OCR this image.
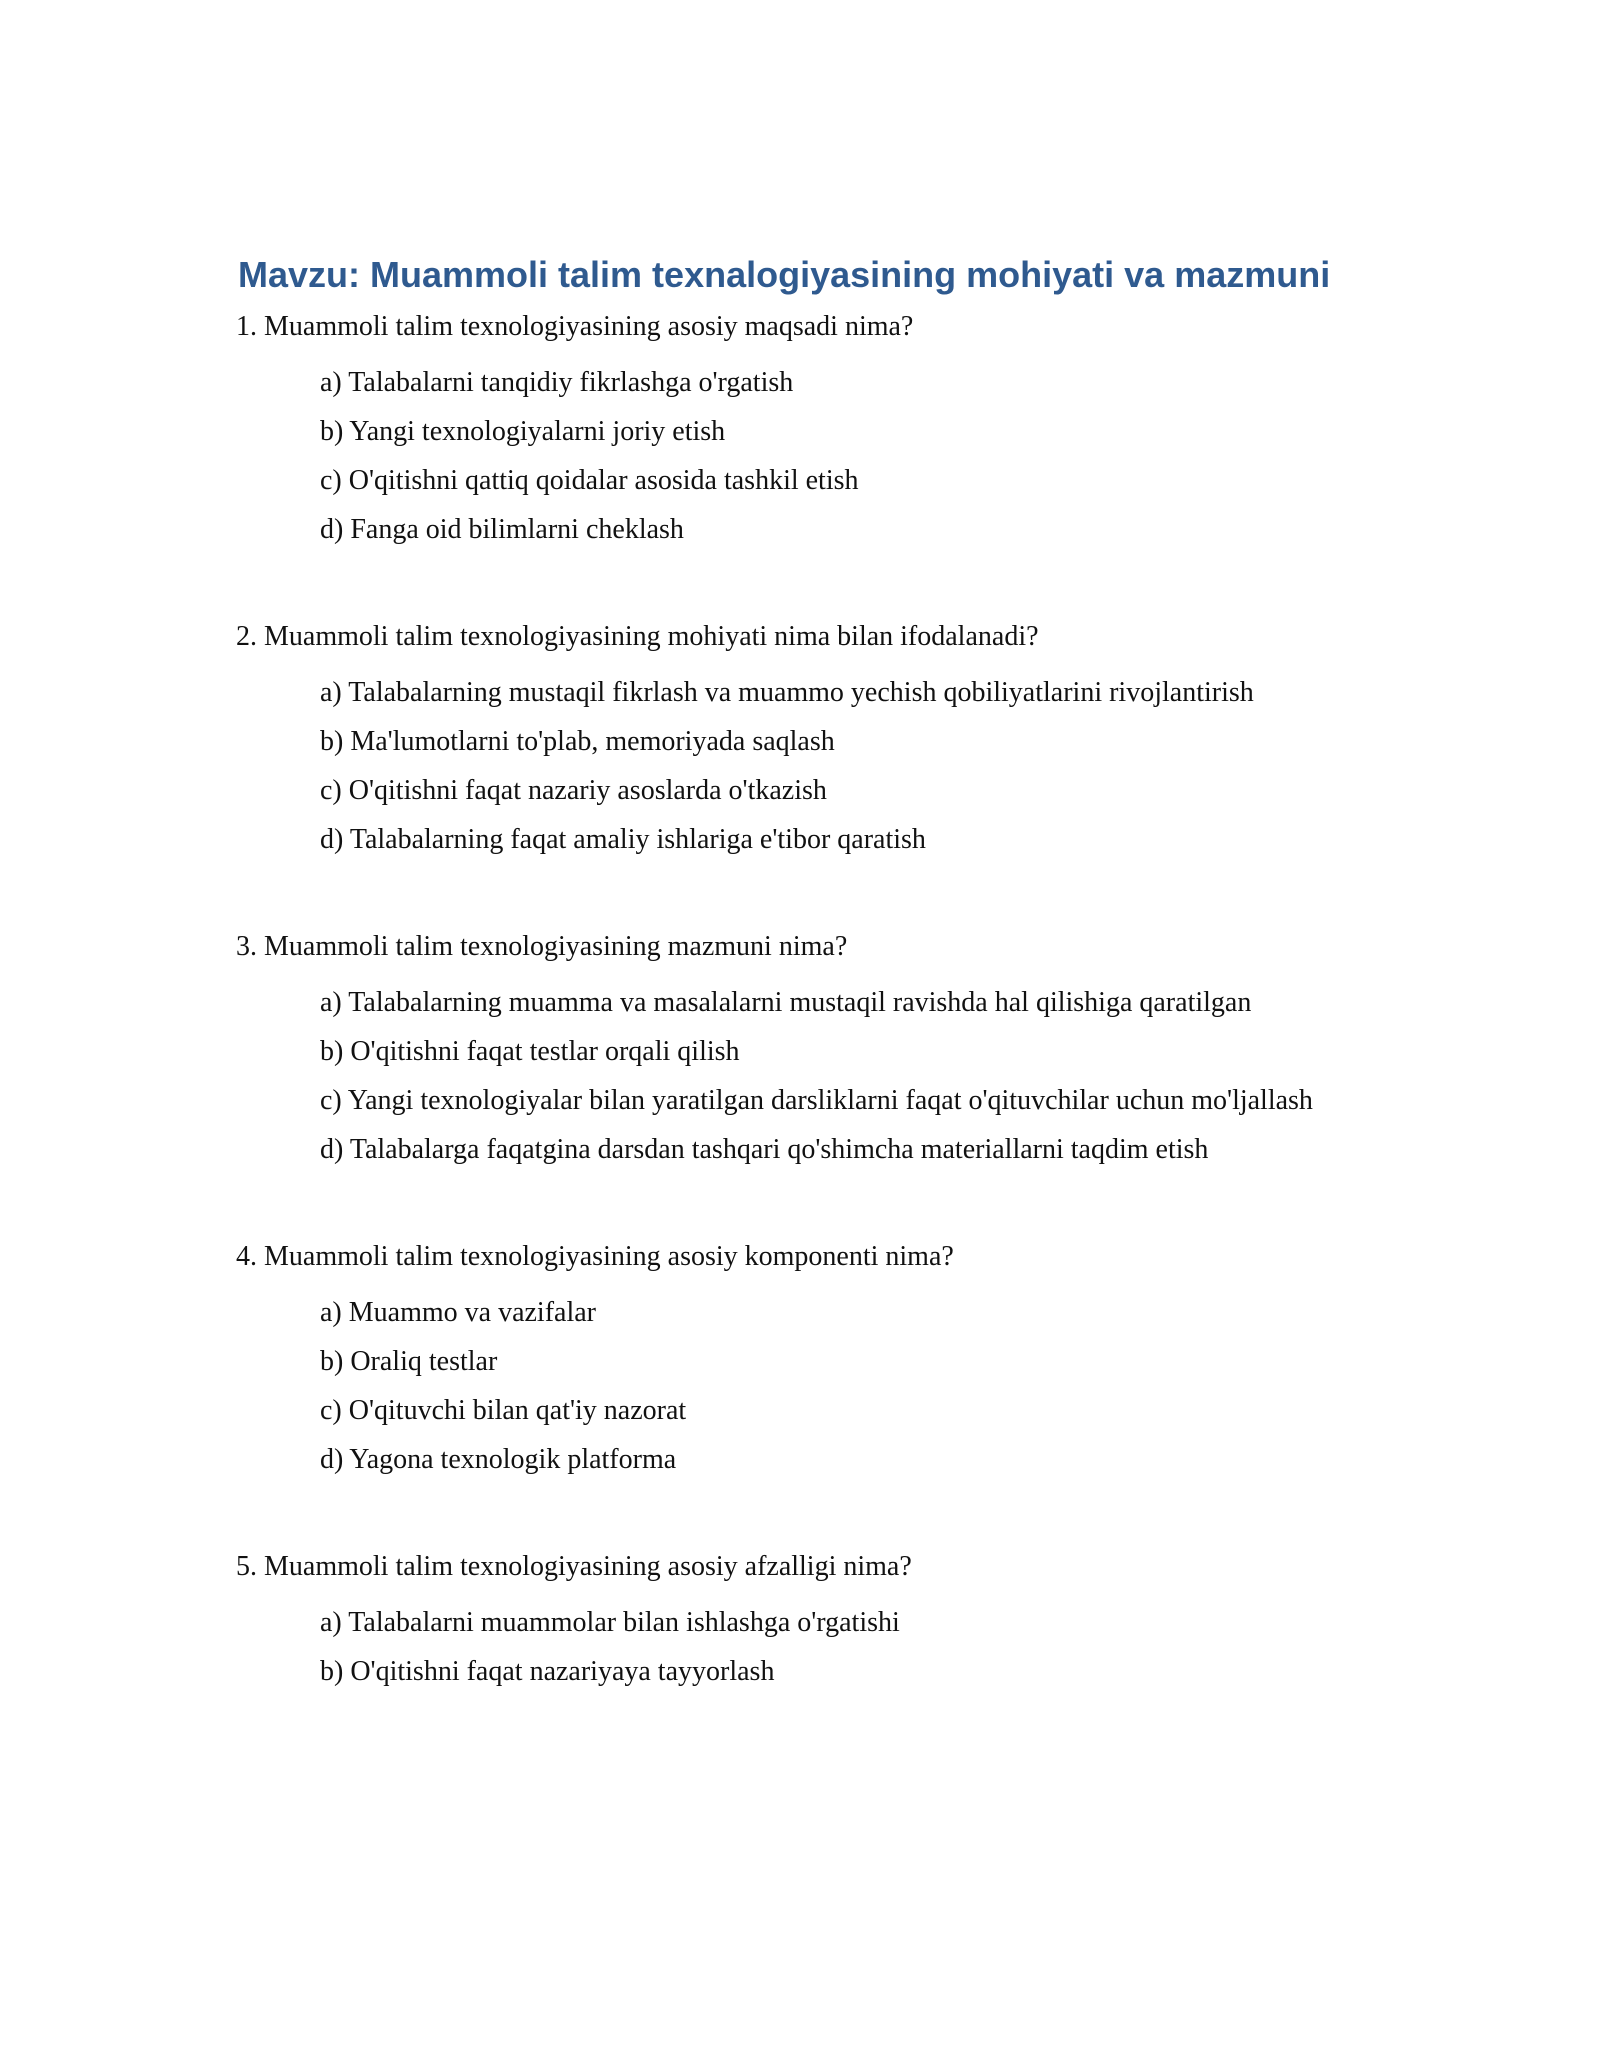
Mavzu: Muammoli talim texnalogiyasining mohiyati va mazmuni
1. Muammoli talim texnologiyasining asosiy maqsadi nima?
a) Talabalarni tanqidiy fikrlashga o'rgatish
b) Yangi texnologiyalarni joriy etish
c) O'qitishni qattiq qoidalar asosida tashkil etish
d) Fanga oid bilimlarni cheklash
2. Muammoli talim texnologiyasining mohiyati nima bilan ifodalanadi?
a) Talabalarning mustaqil fikrlash va muammo yechish qobiliyatlarini rivojlantirish
b) Ma'lumotlarni to'plab, memoriyada saqlash
c) O'qitishni faqat nazariy asoslarda o'tkazish
d) Talabalarning faqat amaliy ishlariga e'tibor qaratish
3. Muammoli talim texnologiyasining mazmuni nima?
a) Talabalarning muamma va masalalarni mustaqil ravishda hal qilishiga qaratilgan
b) O'qitishni faqat testlar orqali qilish
c) Yangi texnologiyalar bilan yaratilgan darsliklarni faqat o'qituvchilar uchun mo'ljallash
d) Talabalarga faqatgina darsdan tashqari qo'shimcha materiallarni taqdim etish
4. Muammoli talim texnologiyasining asosiy komponenti nima?
a) Muammo va vazifalar
b) Oraliq testlar
c) O'qituvchi bilan qat'iy nazorat
d) Yagona texnologik platforma
5. Muammoli talim texnologiyasining asosiy afzalligi nima?
a) Talabalarni muammolar bilan ishlashga o'rgatishi
b) O'qitishni faqat nazariyaya tayyorlash
